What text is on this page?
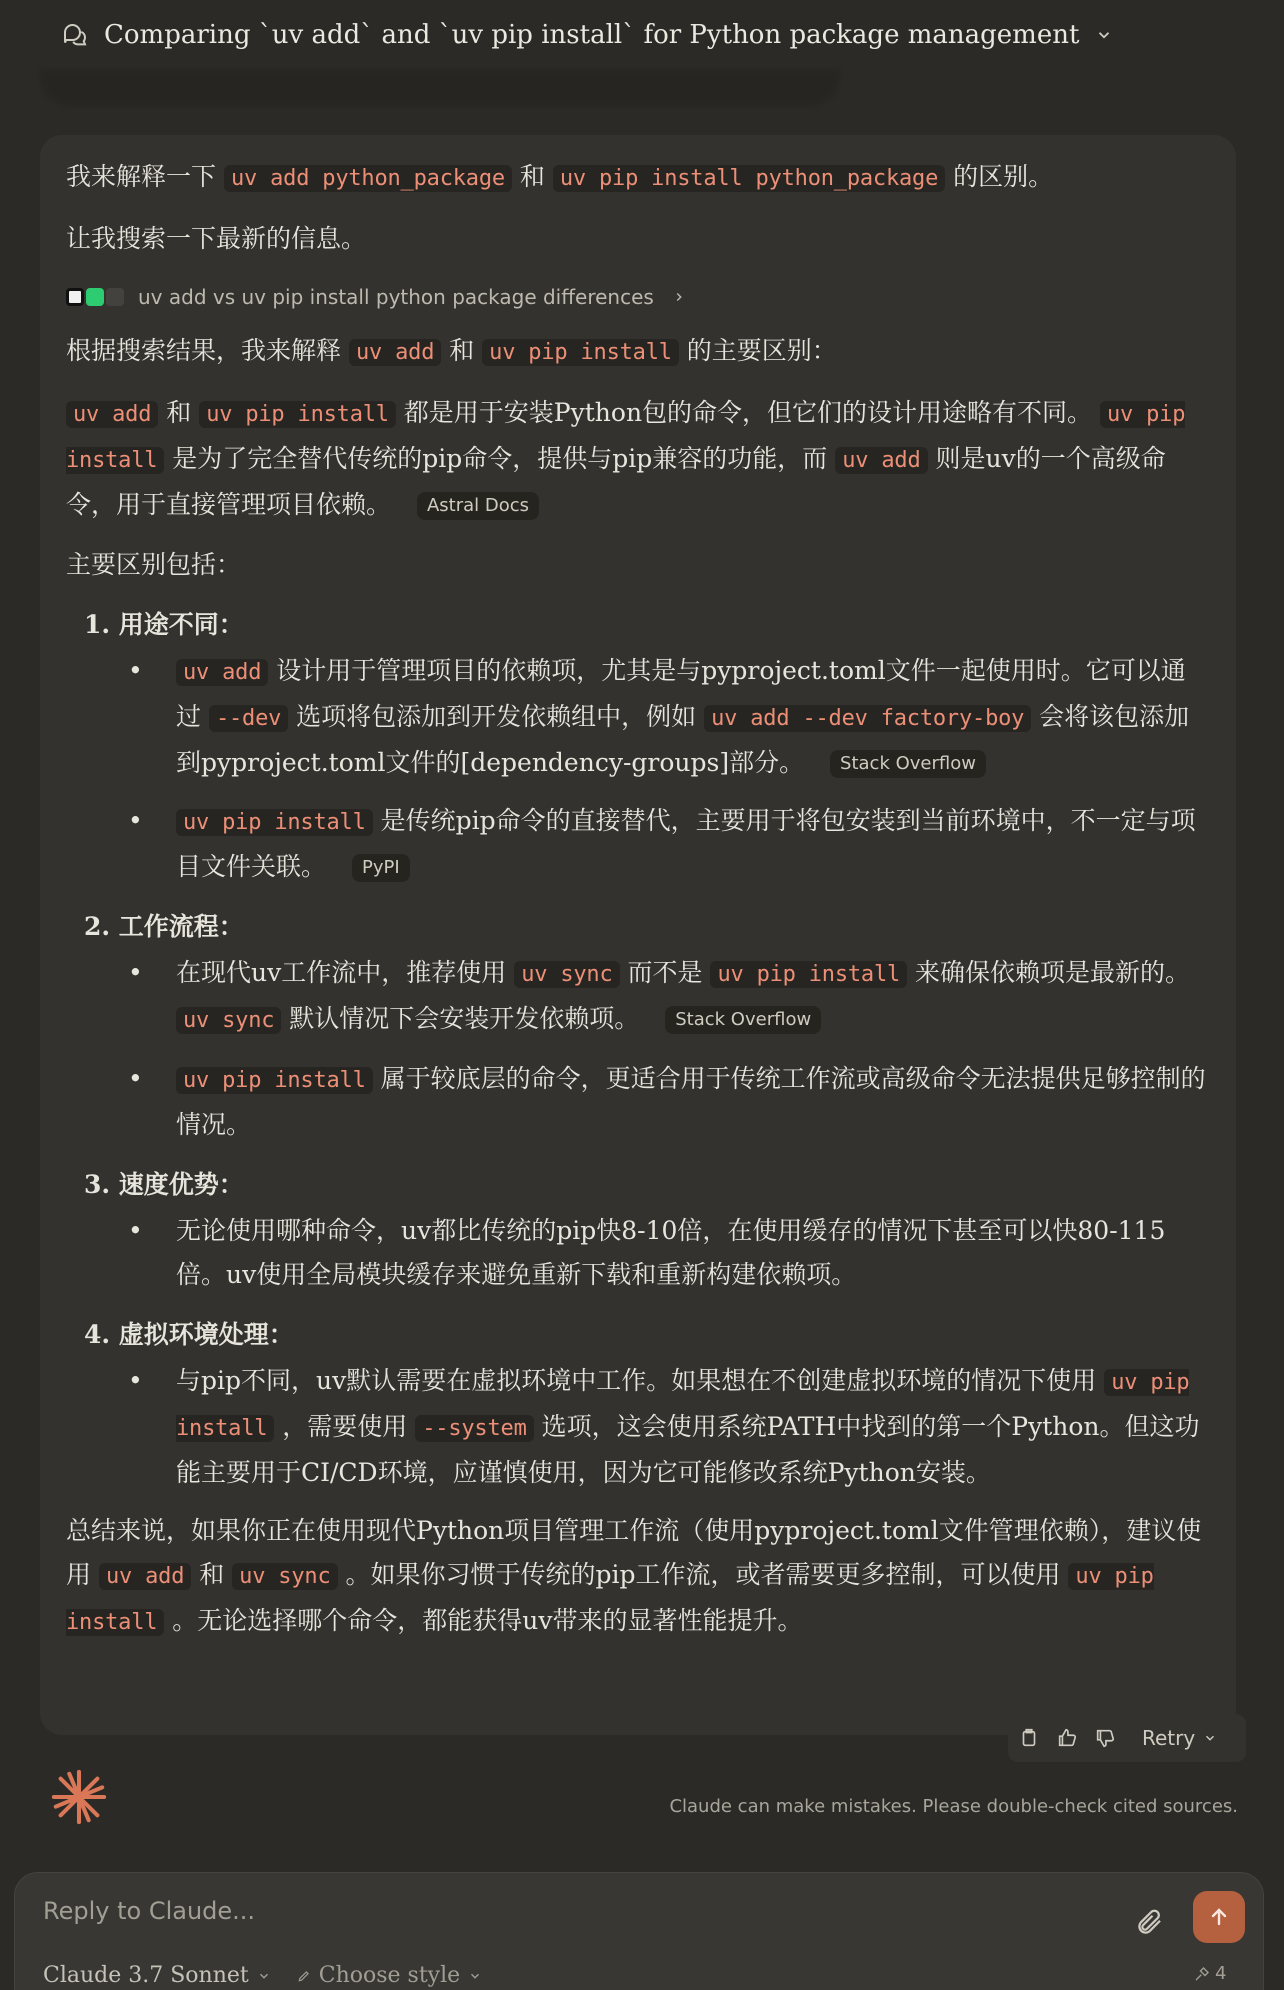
Comparing `uv add` and `uv pip install` for Python package management
我来解释一下 uv add python_package 和 uv pip install python_package 的区别。
让我搜索一下最新的信息。
uv add vs uv pip install python package differences
根据搜索结果，我来解释 uv add 和 uv pip install 的主要区别：
uv add 和 uv pip install 都是用于安装Python包的命令，但它们的设计用途略有不同。 uv pip install 是为了完全替代传统的pip命令，提供与pip兼容的功能，而 uv add 则是uv的一个高级命令，用于直接管理项目依赖。 Astral Docs
主要区别包括：
1. 用途不同：
• uv add 设计用于管理项目的依赖项，尤其是与pyproject.toml文件一起使用时。它可以通过 --dev 选项将包添加到开发依赖组中，例如 uv add --dev factory-boy 会将该包添加到pyproject.toml文件的[dependency-groups]部分。 Stack Overflow
• uv pip install 是传统pip命令的直接替代，主要用于将包安装到当前环境中，不一定与项目文件关联。 PyPI
2. 工作流程：
• 在现代uv工作流中，推荐使用 uv sync 而不是 uv pip install 来确保依赖项是最新的。 uv sync 默认情况下会安装开发依赖项。 Stack Overflow
• uv pip install 属于较底层的命令，更适合用于传统工作流或高级命令无法提供足够控制的情况。
3. 速度优势：
• 无论使用哪种命令，uv都比传统的pip快8-10倍，在使用缓存的情况下甚至可以快80-115倍。uv使用全局模块缓存来避免重新下载和重新构建依赖项。
4. 虚拟环境处理：
• 与pip不同，uv默认需要在虚拟环境中工作。如果想在不创建虚拟环境的情况下使用 uv pip install ，需要使用 --system 选项，这会使用系统PATH中找到的第一个Python。但这功能主要用于CI/CD环境，应谨慎使用，因为它可能修改系统Python安装。
总结来说，如果你正在使用现代Python项目管理工作流（使用pyproject.toml文件管理依赖），建议使用 uv add 和 uv sync 。如果你习惯于传统的pip工作流，或者需要更多控制，可以使用 uv pip install 。无论选择哪个命令，都能获得uv带来的显著性能提升。
Retry
Claude can make mistakes. Please double-check cited sources.
Reply to Claude...
Claude 3.7 Sonnet	Choose style	4
